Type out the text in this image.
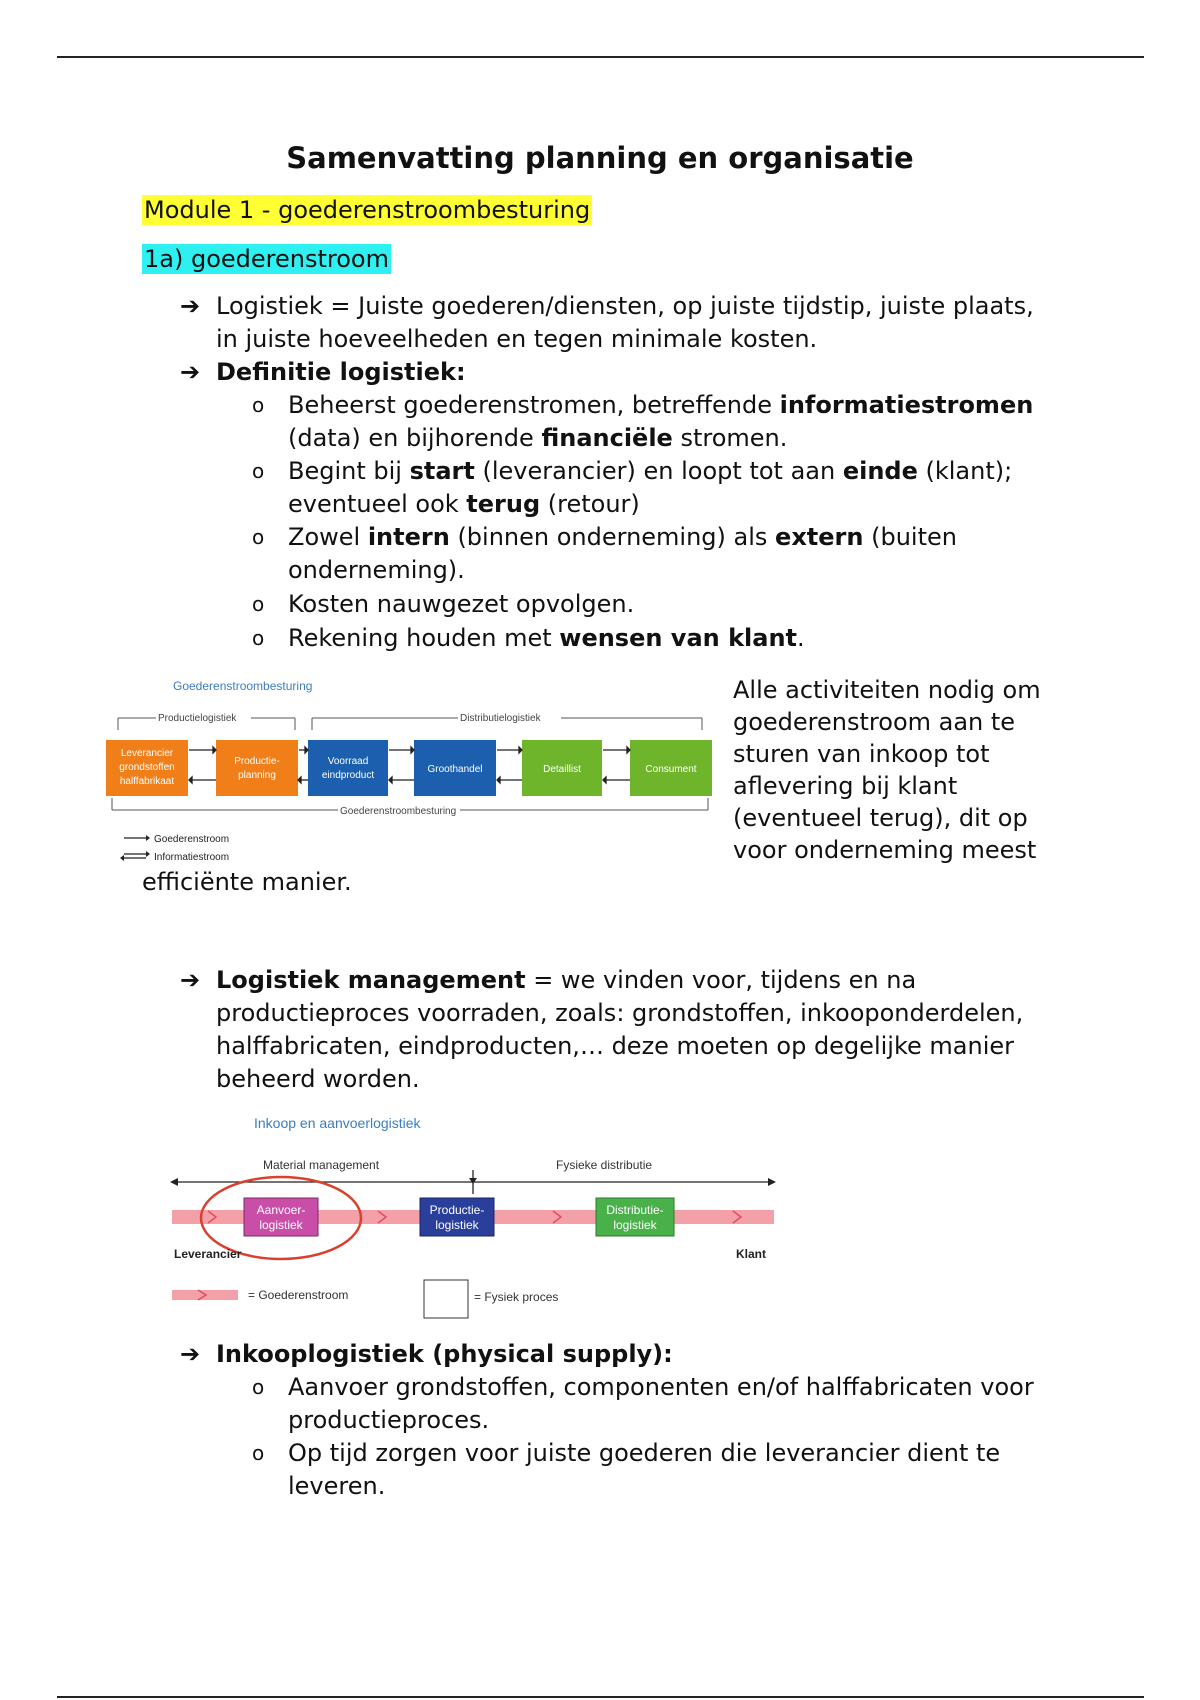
Samenvatting planning en organisatie
Module 1 - goederenstroombesturing
1a) goederenstroom
➔ Logistiek = Juiste goederen/diensten, op juiste tijdstip, juiste plaats, in juiste hoeveelheden en tegen minimale kosten.
➔ Definitie logistiek:
o Beheerst goederenstromen, betreffende informatiestromen (data) en bijhorende financiële stromen.
o Begint bij start (leverancier) en loopt tot aan einde (klant); eventueel ook terug (retour)
o Zowel intern (binnen onderneming) als extern (buiten onderneming).
o Kosten nauwgezet opvolgen.
o Rekening houden met wensen van klant.
Goederenstroombesturing
Productielogistiek	Distributielogistiek
Leverancier
grondstoffen
halffabrikaat
Productie-
planning
Voorraad
eindproduct
Groothandel	Detaillist	Consument
Goederenstroombesturing
Goederenstroom
Informatiestroom
Alle activiteiten nodig om goederenstroom aan te sturen van inkoop tot aflevering bij klant (eventueel terug), dit op voor onderneming meest
efficiënte manier.
➔ Logistiek management = we vinden voor, tijdens en na productieproces voorraden, zoals: grondstoffen, inkooponderdelen, halffabricaten, eindproducten,… deze moeten op degelijke manier beheerd worden.
Inkoop en aanvoerlogistiek
Material management	Fysieke distributie
Aanvoer-
logistiek
Productie-
logistiek
Distributie-
logistiek
Leverancier	Klant
= Goederenstroom	= Fysiek proces
➔ Inkooplogistiek (physical supply):
o Aanvoer grondstoffen, componenten en/of halffabricaten voor productieproces.
o Op tijd zorgen voor juiste goederen die leverancier dient te leveren.
